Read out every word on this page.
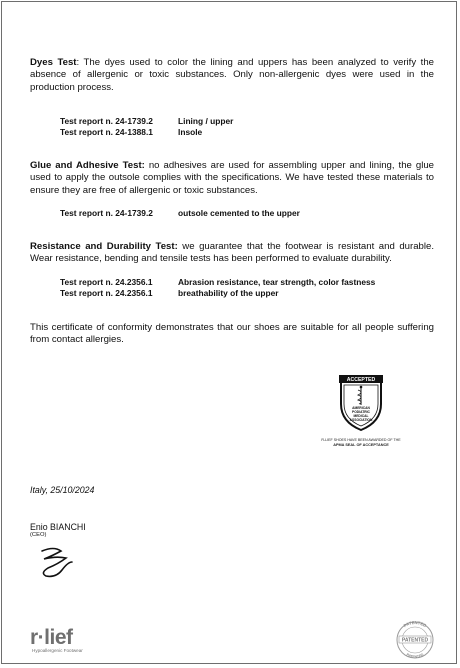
Dyes Test: The dyes used to color the lining and uppers has been analyzed to verify the absence of allergenic or toxic substances. Only non-allergenic dyes were used in the production process.

Test report n. 24-1739.2	Lining / upper
Test report n. 24-1388.1	Insole

Glue and Adhesive Test: no adhesives are used for assembling upper and lining, the glue used to apply the outsole complies with the specifications. We have tested these materials to ensure they are free of allergenic or toxic substances.

Test report n. 24-1739.2	outsole cemented to the upper

Resistance and Durability Test: we guarantee that the footwear is resistant and durable. Wear resistance, bending and tensile tests has been performed to evaluate durability.

Test report n. 24.2356.1	Abrasion resistance, tear strength, color fastness
Test report n. 24.2356.1	breathability of the upper

This certificate of conformity demonstrates that our shoes are suitable for all people suffering from contact allergies.

ACCEPTED
AMERICAN
PODIATRIC
MEDICAL
ASSOCIATION
R-LIEF SHOES HAVE BEEN AWARDED OF THE
APMA SEAL OF ACCEPTANCE
Italy, 25/10/2024
Enio BIANCHI
(CEO)
r·lief
Hypoallergenic Footwear
PATENTED
PATENTED
PATENTED
